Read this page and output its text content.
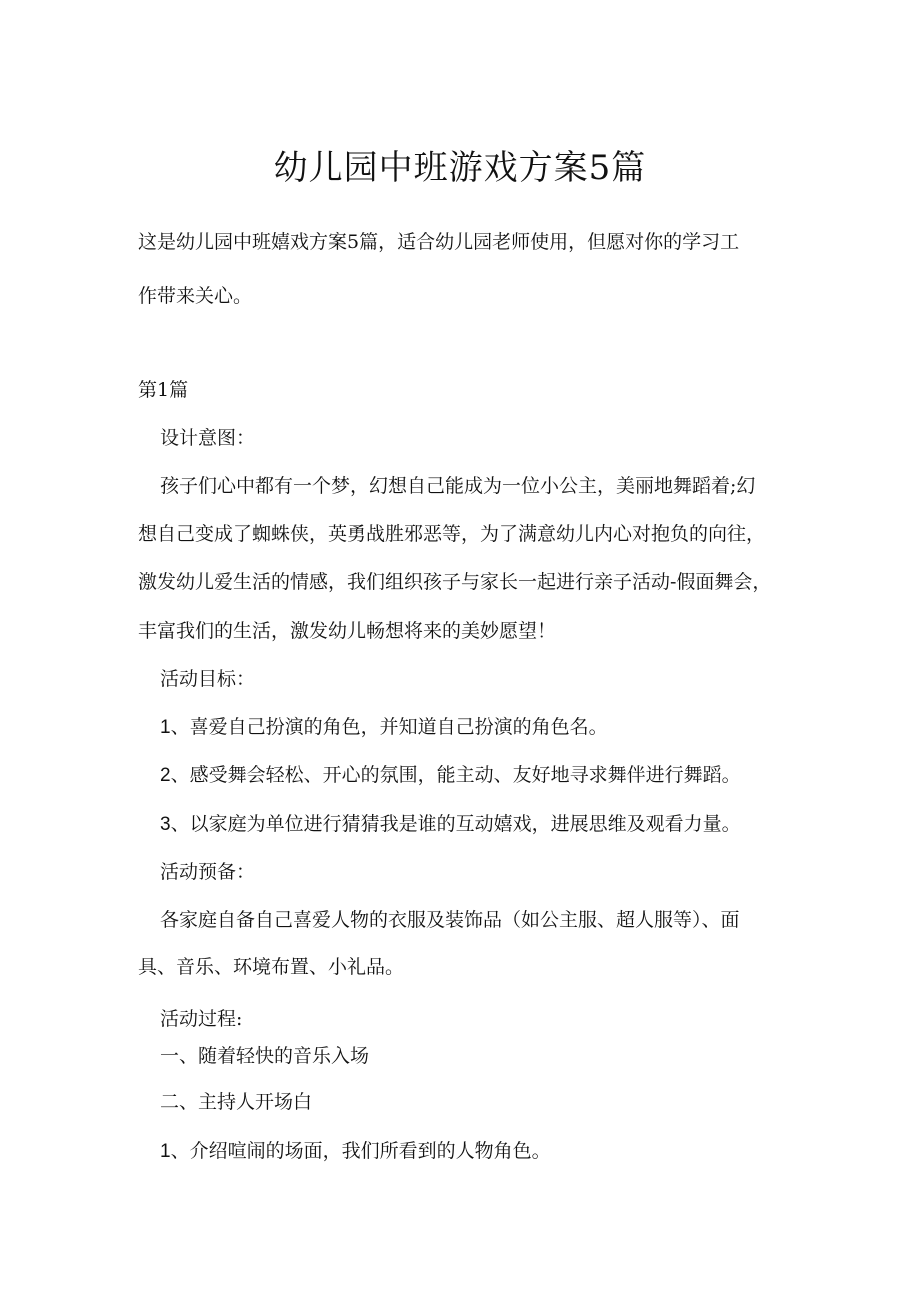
幼儿园中班游戏方案5篇
这是幼儿园中班嬉戏方案5篇，适合幼儿园老师使用，但愿对你的学习工
作带来关心。
第1篇
设计意图：
孩子们心中都有一个梦，幻想自己能成为一位小公主，美丽地舞蹈着;幻
想自己变成了蜘蛛侠，英勇战胜邪恶等，为了满意幼儿内心对抱负的向往，
激发幼儿爱生活的情感，我们组织孩子与家长一起进行亲子活动-假面舞会，
丰富我们的生活，激发幼儿畅想将来的美妙愿望！
活动目标：
1、喜爱自己扮演的角色，并知道自己扮演的角色名。
2、感受舞会轻松、开心的氛围，能主动、友好地寻求舞伴进行舞蹈。
3、以家庭为单位进行猜猜我是谁的互动嬉戏，进展思维及观看力量。
活动预备：
各家庭自备自己喜爱人物的衣服及装饰品（如公主服、超人服等）、面
具、音乐、环境布置、小礼品。
活动过程:
一、随着轻快的音乐入场
二、主持人开场白
1、介绍喧闹的场面，我们所看到的人物角色。
